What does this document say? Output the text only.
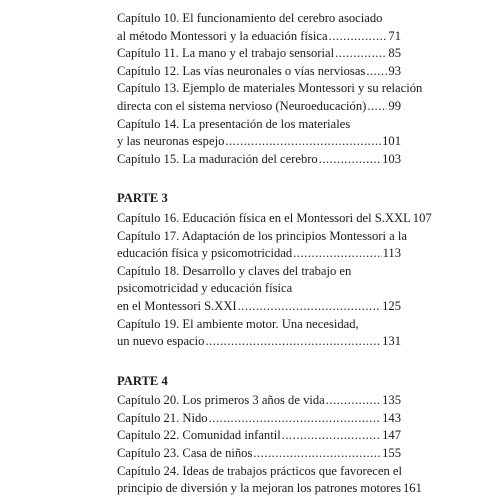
Capítulo 10. El funcionamiento del cerebro asociado
al método Montessori y la eduación física .....	71
Capítulo 11. La mano y el trabajo sensorial .....	85
Capítulo 12. Las vías neuronales o vías nerviosas ..... 93
Capítulo 13. Ejemplo de materiales Montessori y su relación
directa con el sistema nervioso (Neuroeducación) ..... 99
Capítulo 14. La presentación de los materiales
y las neuronas espejo .....	101
Capítulo 15. La maduración del cerebro .....	103
PARTE 3
Capítulo 16. Educación física en el Montessori del S.XXL 107
Capítulo 17. Adaptación de los principios Montessori a la
educación física y psicomotricidad .....	113
Capítulo 18. Desarrollo y claves del trabajo en
psicomotricidad y educación física
en el Montessori S.XXI .....	125
Capítulo 19. El ambiente motor. Una necesidad,
un nuevo espacio .....	131
PARTE 4
Capítulo 20. Los primeros 3 años de vida .....	135
Capítulo 21. Nido .....	143
Capítulo 22. Comunidad infantil .....	147
Capítulo 23. Casa de niños .....	155
Capítulo 24. Ideas de trabajos prácticos que favorecen el
principio de diversión y la mejoran los patrones motores 161
